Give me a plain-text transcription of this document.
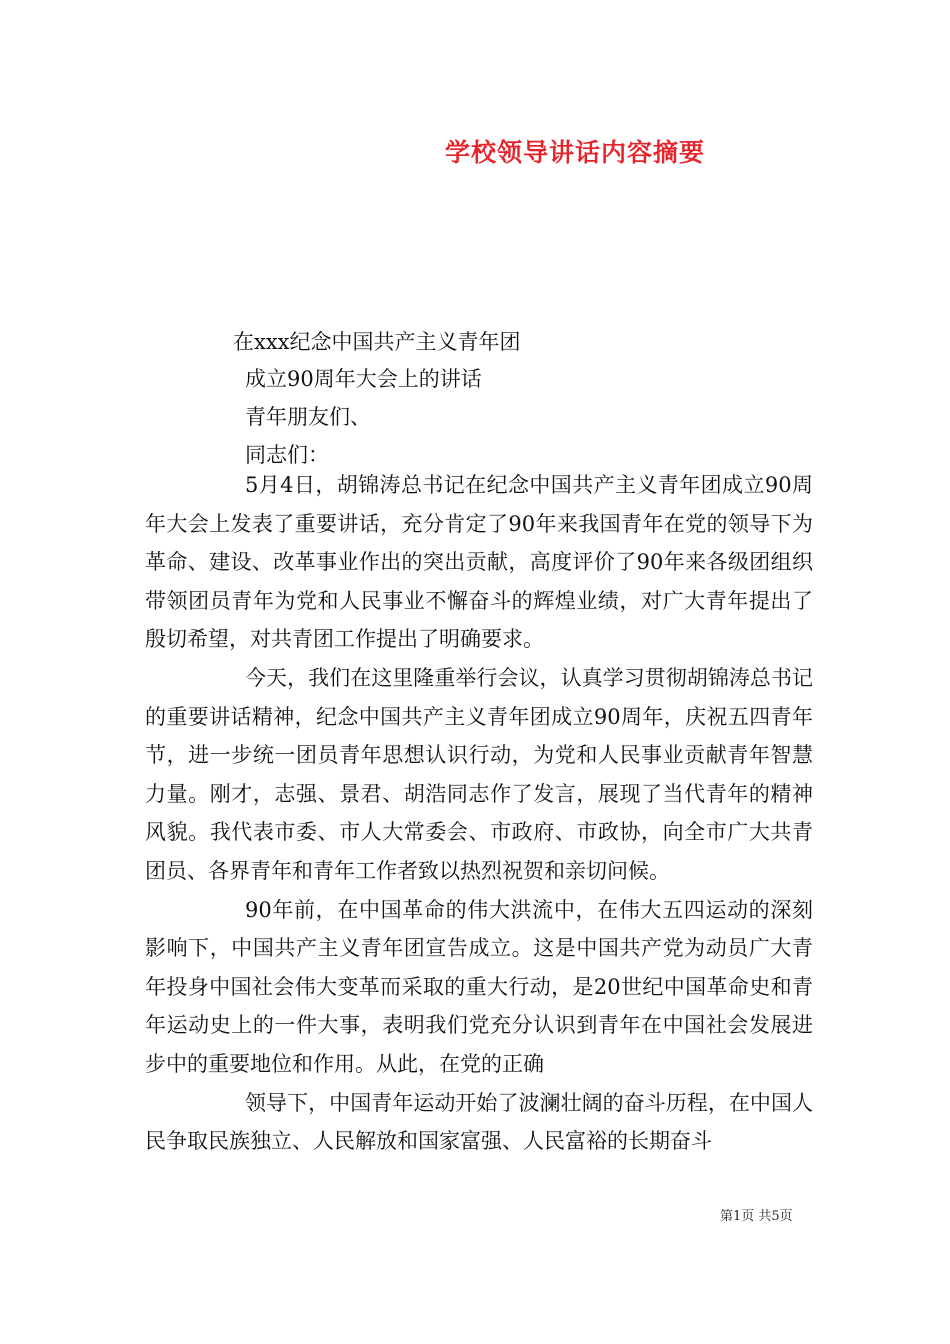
学校领导讲话内容摘要
在xxx纪念中国共产主义青年团
成立90周年大会上的讲话
青年朋友们、
同志们：

5月4日，胡锦涛总书记在纪念中国共产主义青年团成立90周年大会上发表了重要讲话，充分肯定了90年来我国青年在党的领导下为革命、建设、改革事业作出的突出贡献，高度评价了90年来各级团组织带领团员青年为党和人民事业不懈奋斗的辉煌业绩，对广大青年提出了殷切希望，对共青团工作提出了明确要求。

今天，我们在这里隆重举行会议，认真学习贯彻胡锦涛总书记的重要讲话精神，纪念中国共产主义青年团成立90周年，庆祝五四青年节，进一步统一团员青年思想认识行动，为党和人民事业贡献青年智慧力量。刚才，志强、景君、胡浩同志作了发言，展现了当代青年的精神风貌。我代表市委、市人大常委会、市政府、市政协，向全市广大共青团员、各界青年和青年工作者致以热烈祝贺和亲切问候。

90年前，在中国革命的伟大洪流中，在伟大五四运动的深刻影响下，中国共产主义青年团宣告成立。这是中国共产党为动员广大青年投身中国社会伟大变革而采取的重大行动，是20世纪中国革命史和青年运动史上的一件大事，表明我们党充分认识到青年在中国社会发展进步中的重要地位和作用。从此，在党的正确

领导下，中国青年运动开始了波澜壮阔的奋斗历程，在中国人民争取民族独立、人民解放和国家富强、人民富裕的长期奋斗

第1页 共5页
